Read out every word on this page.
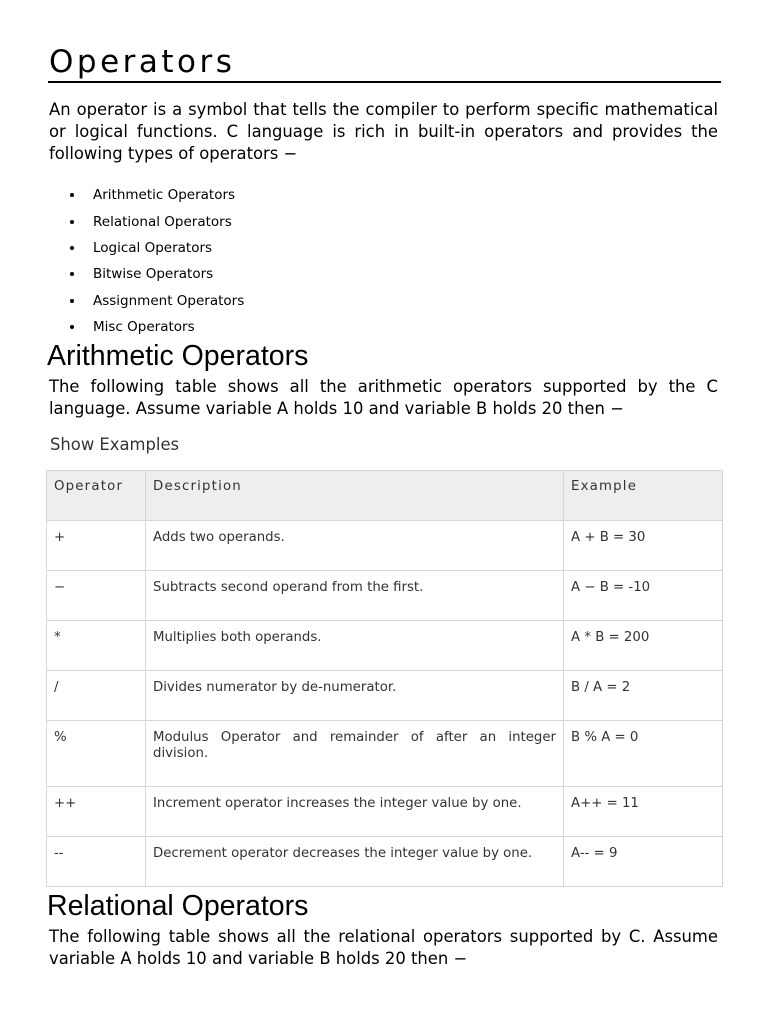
Operators

An operator is a symbol that tells the compiler to perform specific mathematical or logical functions. C language is rich in built-in operators and provides the following types of operators −

Arithmetic Operators
Relational Operators
Logical Operators
Bitwise Operators
Assignment Operators
Misc Operators
Arithmetic Operators

The following table shows all the arithmetic operators supported by the C language. Assume variable A holds 10 and variable B holds 20 then −

Show Examples
Operator	Description	Example
+	Adds two operands.	A + B = 30
−	Subtracts second operand from the first.	A − B = -10
*	Multiplies both operands.	A * B = 200
/	Divides numerator by de-numerator.	B / A = 2
%	Modulus Operator and remainder of after an integer division.	B % A = 0
++	Increment operator increases the integer value by one.	A++ = 11
--	Decrement operator decreases the integer value by one.	A-- = 9
Relational Operators

The following table shows all the relational operators supported by C. Assume variable A holds 10 and variable B holds 20 then −
